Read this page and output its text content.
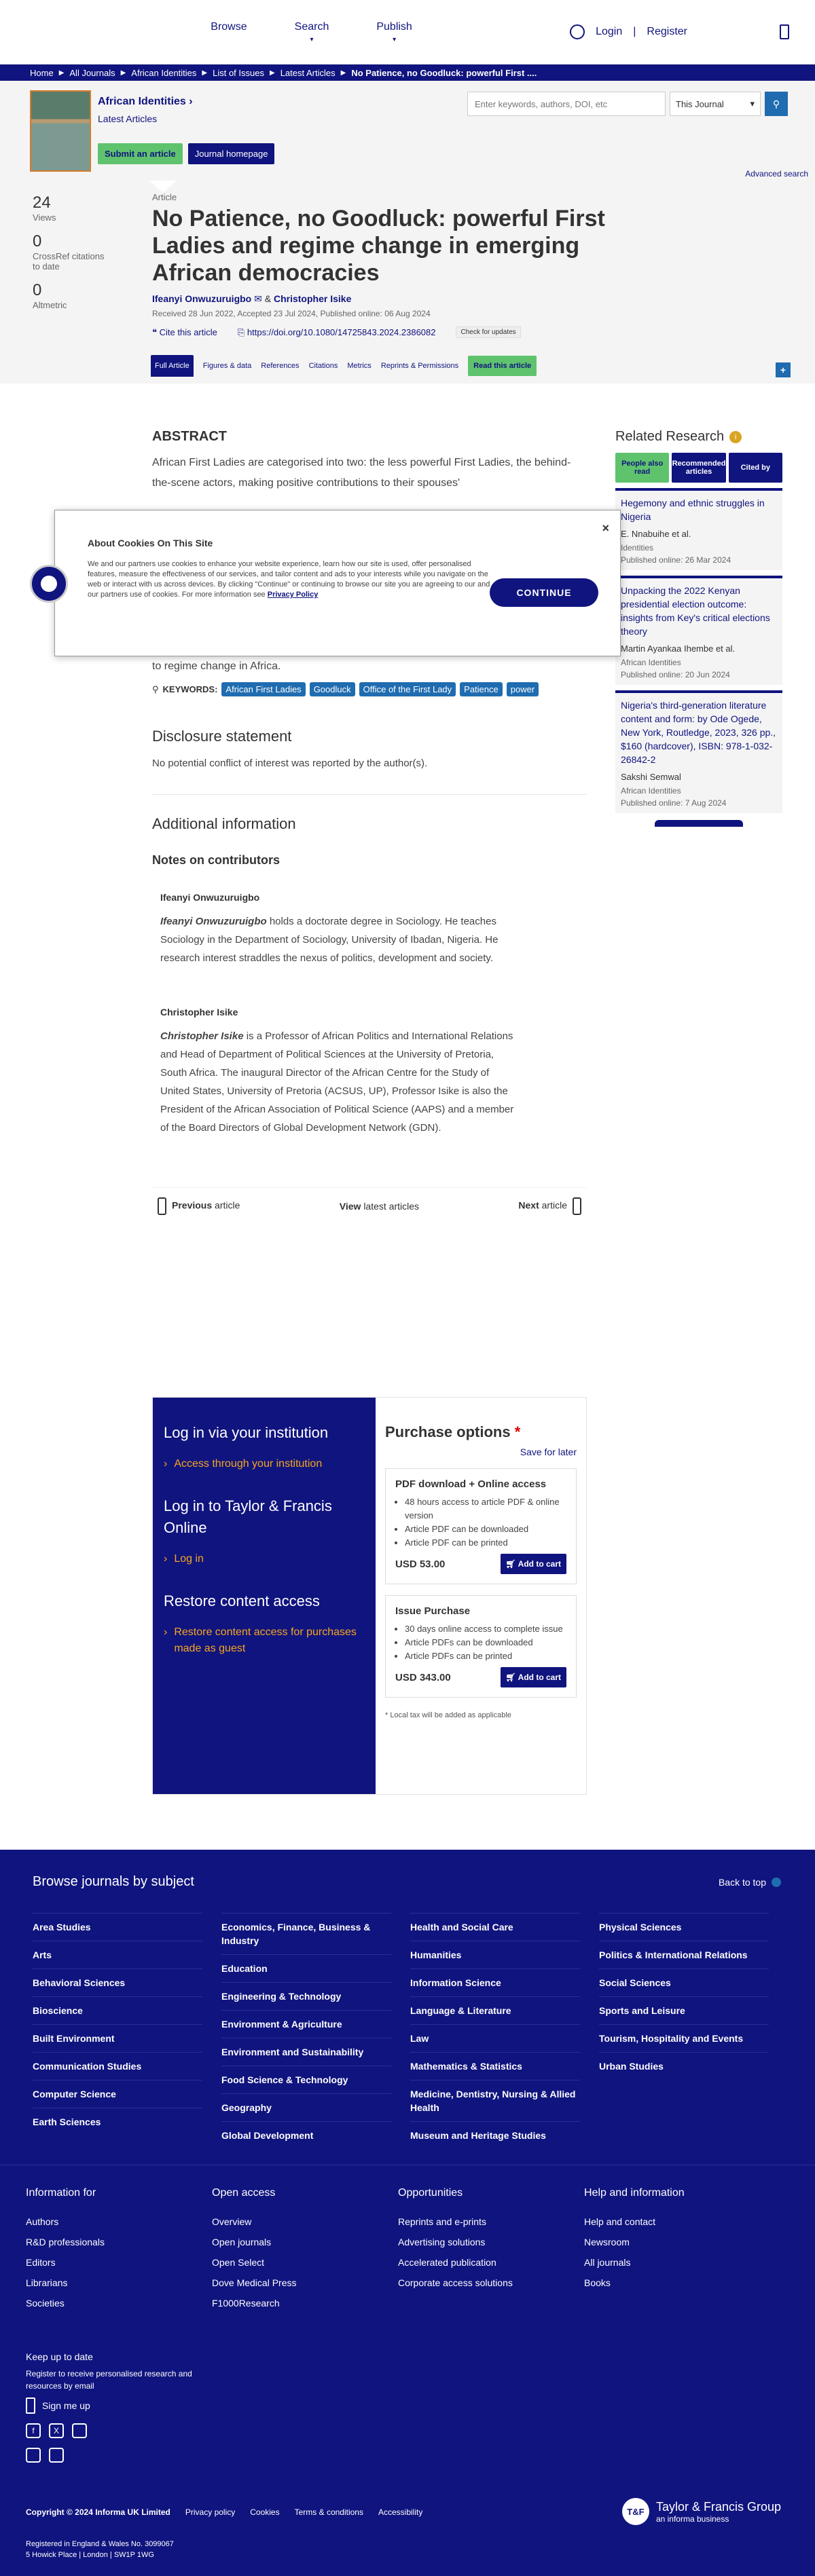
Browse	Search
▾
Publish
▾
Login | Register
Home ▶ All Journals ▶ African Identities ▶ List of Issues ▶ Latest Articles ▶ No Patience, no Goodluck: powerful First ....
African Identities ›
Latest Articles
Submit an article	Journal homepage
Enter keywords, authors, DOI, etc	This Journal	▾	⚲
Advanced search
24
Views
0
CrossRef citations to date
0
Altmetric
Article
No Patience, no Goodluck: powerful First Ladies and regime change in emerging African democracies
Ifeanyi Onwuzuruigbo ✉ & Christopher Isike
Received 28 Jun 2022, Accepted 23 Jul 2024, Published online: 06 Aug 2024
❝ Cite this article ⎘ https://doi.org/10.1080/14725843.2024.2386082	Check for updates
Full Article	Figures & data References Citations Metrics Reprints & Permissions	Read this article	+
ABSTRACT

African First Ladies are categorised into two: the less powerful First Ladies, the behind-the-scene actors, making positive contributions to their spouses'

to regime change in Africa.

⚲ KEYWORDS: African First Ladies	Goodluck	Office of the First Lady	Patience	power
Disclosure statement

No potential conflict of interest was reported by the author(s).

Additional information
Notes on contributors
Ifeanyi Onwuzuruigbo

Ifeanyi Onwuzuruigbo holds a doctorate degree in Sociology. He teaches Sociology in the Department of Sociology, University of Ibadan, Nigeria. He research interest straddles the nexus of politics, development and society.

Christopher Isike

Christopher Isike is a Professor of African Politics and International Relations and Head of Department of Political Sciences at the University of Pretoria, South Africa. The inaugural Director of the African Centre for the Study of United States, University of Pretoria (ACSUS, UP), Professor Isike is also the President of the African Association of Political Science (AAPS) and a member of the Board Directors of Global Development Network (GDN).

Previous article	View latest articles	Next article
Related Research	i
People also read
Recommended articles	Cited by
Hegemony and ethnic struggles in Nigeria
E. Nnabuihe et al.
Identities
Published online: 26 Mar 2024
Unpacking the 2022 Kenyan presidential election outcome: insights from Key's critical elections theory
Martin Ayankaa Ihembe et al.
African Identities
Published online: 20 Jun 2024
Nigeria's third-generation literature content and form: by Ode Ogede, New York, Routledge, 2023, 326 pp., $160 (hardcover), ISBN: 978-1-032-26842-2
Sakshi Semwal
African Identities
Published online: 7 Aug 2024
×
About Cookies On This Site
We and our partners use cookies to enhance your website experience, learn how our site is used, offer personalised features, measure the effectiveness of our services, and tailor content and ads to your interests while you navigate on the web or interact with us across devices. By clicking "Continue" or continuing to browse our site you are agreeing to our and our partners use of cookies. For more information see Privacy Policy	CONTINUE
Log in via your institution
› Access through your institution
Log in to Taylor & Francis Online
› Log in
Restore content access
› Restore content access for purchases made as guest
Purchase options *
Save for later
PDF download + Online access
• 48 hours access to article PDF & online version
• Article PDF can be downloaded
• Article PDF can be printed
USD 53.00	🛒︎ Add to cart
Issue Purchase
• 30 days online access to complete issue
• Article PDFs can be downloaded
• Article PDFs can be printed
USD 343.00	🛒︎ Add to cart
* Local tax will be added as applicable
Browse journals by subject	Back to top
Area Studies
Arts
Behavioral Sciences
Bioscience
Built Environment
Communication Studies
Computer Science
Earth Sciences
Economics, Finance, Business & Industry
Education
Engineering & Technology
Environment & Agriculture
Environment and Sustainability
Food Science & Technology
Geography
Global Development
Health and Social Care
Humanities
Information Science
Language & Literature
Law
Mathematics & Statistics
Medicine, Dentistry, Nursing & Allied Health
Museum and Heritage Studies
Physical Sciences
Politics & International Relations
Social Sciences
Sports and Leisure
Tourism, Hospitality and Events
Urban Studies
Information for
Authors
R&D professionals
Editors
Librarians
Societies
Open access
Overview
Open journals
Open Select
Dove Medical Press
F1000Research
Opportunities
Reprints and e-prints
Advertising solutions
Accelerated publication
Corporate access solutions
Help and information
Help and contact
Newsroom
All journals
Books
Keep up to date
Register to receive personalised research and resources by email
Sign me up
f	X
Copyright © 2024 Informa UK Limited Privacy policy Cookies Terms & conditions Accessibility
Registered in England & Wales No. 3099067
5 Howick Place | London | SW1P 1WG
T&F Taylor & Francis Group
an informa business
